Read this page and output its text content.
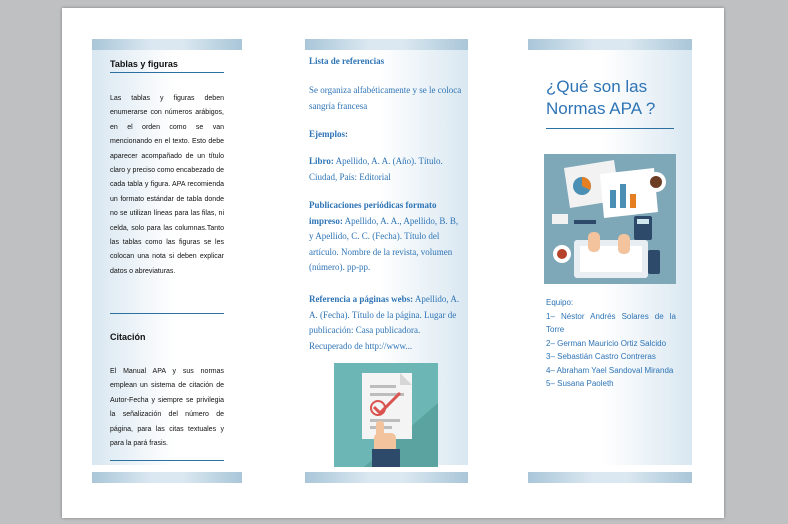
Tablas y figuras
Las tablas y figuras deben enumerarse con números arábigos, en el orden como se van mencionando en el texto. Esto debe aparecer acompañado de un título claro y preciso como encabezado de cada tabla y figura. APA recomienda un formato estándar de tabla donde no se utilizan líneas para las filas, ni celda, solo para las columnas.Tanto las tablas como las figuras se les colocan una nota si deben explicar datos o abreviaturas.
Citación
El Manual APA y sus normas emplean un sistema de citación de Autor-Fecha y siempre se privilegia la señalización del número de página, para las citas textuales y para la pará frasis.
Lista de referencias
Se organiza alfabéticamente y se le coloca sangría francesa
Ejemplos:
Libro: Apellido, A. A. (Año). Título. Ciudad, País: Editorial
Publicaciones periódicas formato impreso: Apellido, A. A., Apellido, B. B, y Apellido, C. C. (Fecha). Título del artículo. Nombre de la revista, volumen (número). pp-pp.
Referencia a páginas webs: Apellido, A. A. (Fecha). Título de la página. Lugar de publicación: Casa publicadora. Recuperado de http://www...
¿Qué son las Normas APA ?
Equipo:
1– Néstor Andrés Solares de la Torre
2– German Mauricio Ortiz Salcido
3– Sebastián Castro Contreras
4– Abraham Yael Sandoval Miranda
5– Susana Paoleth
